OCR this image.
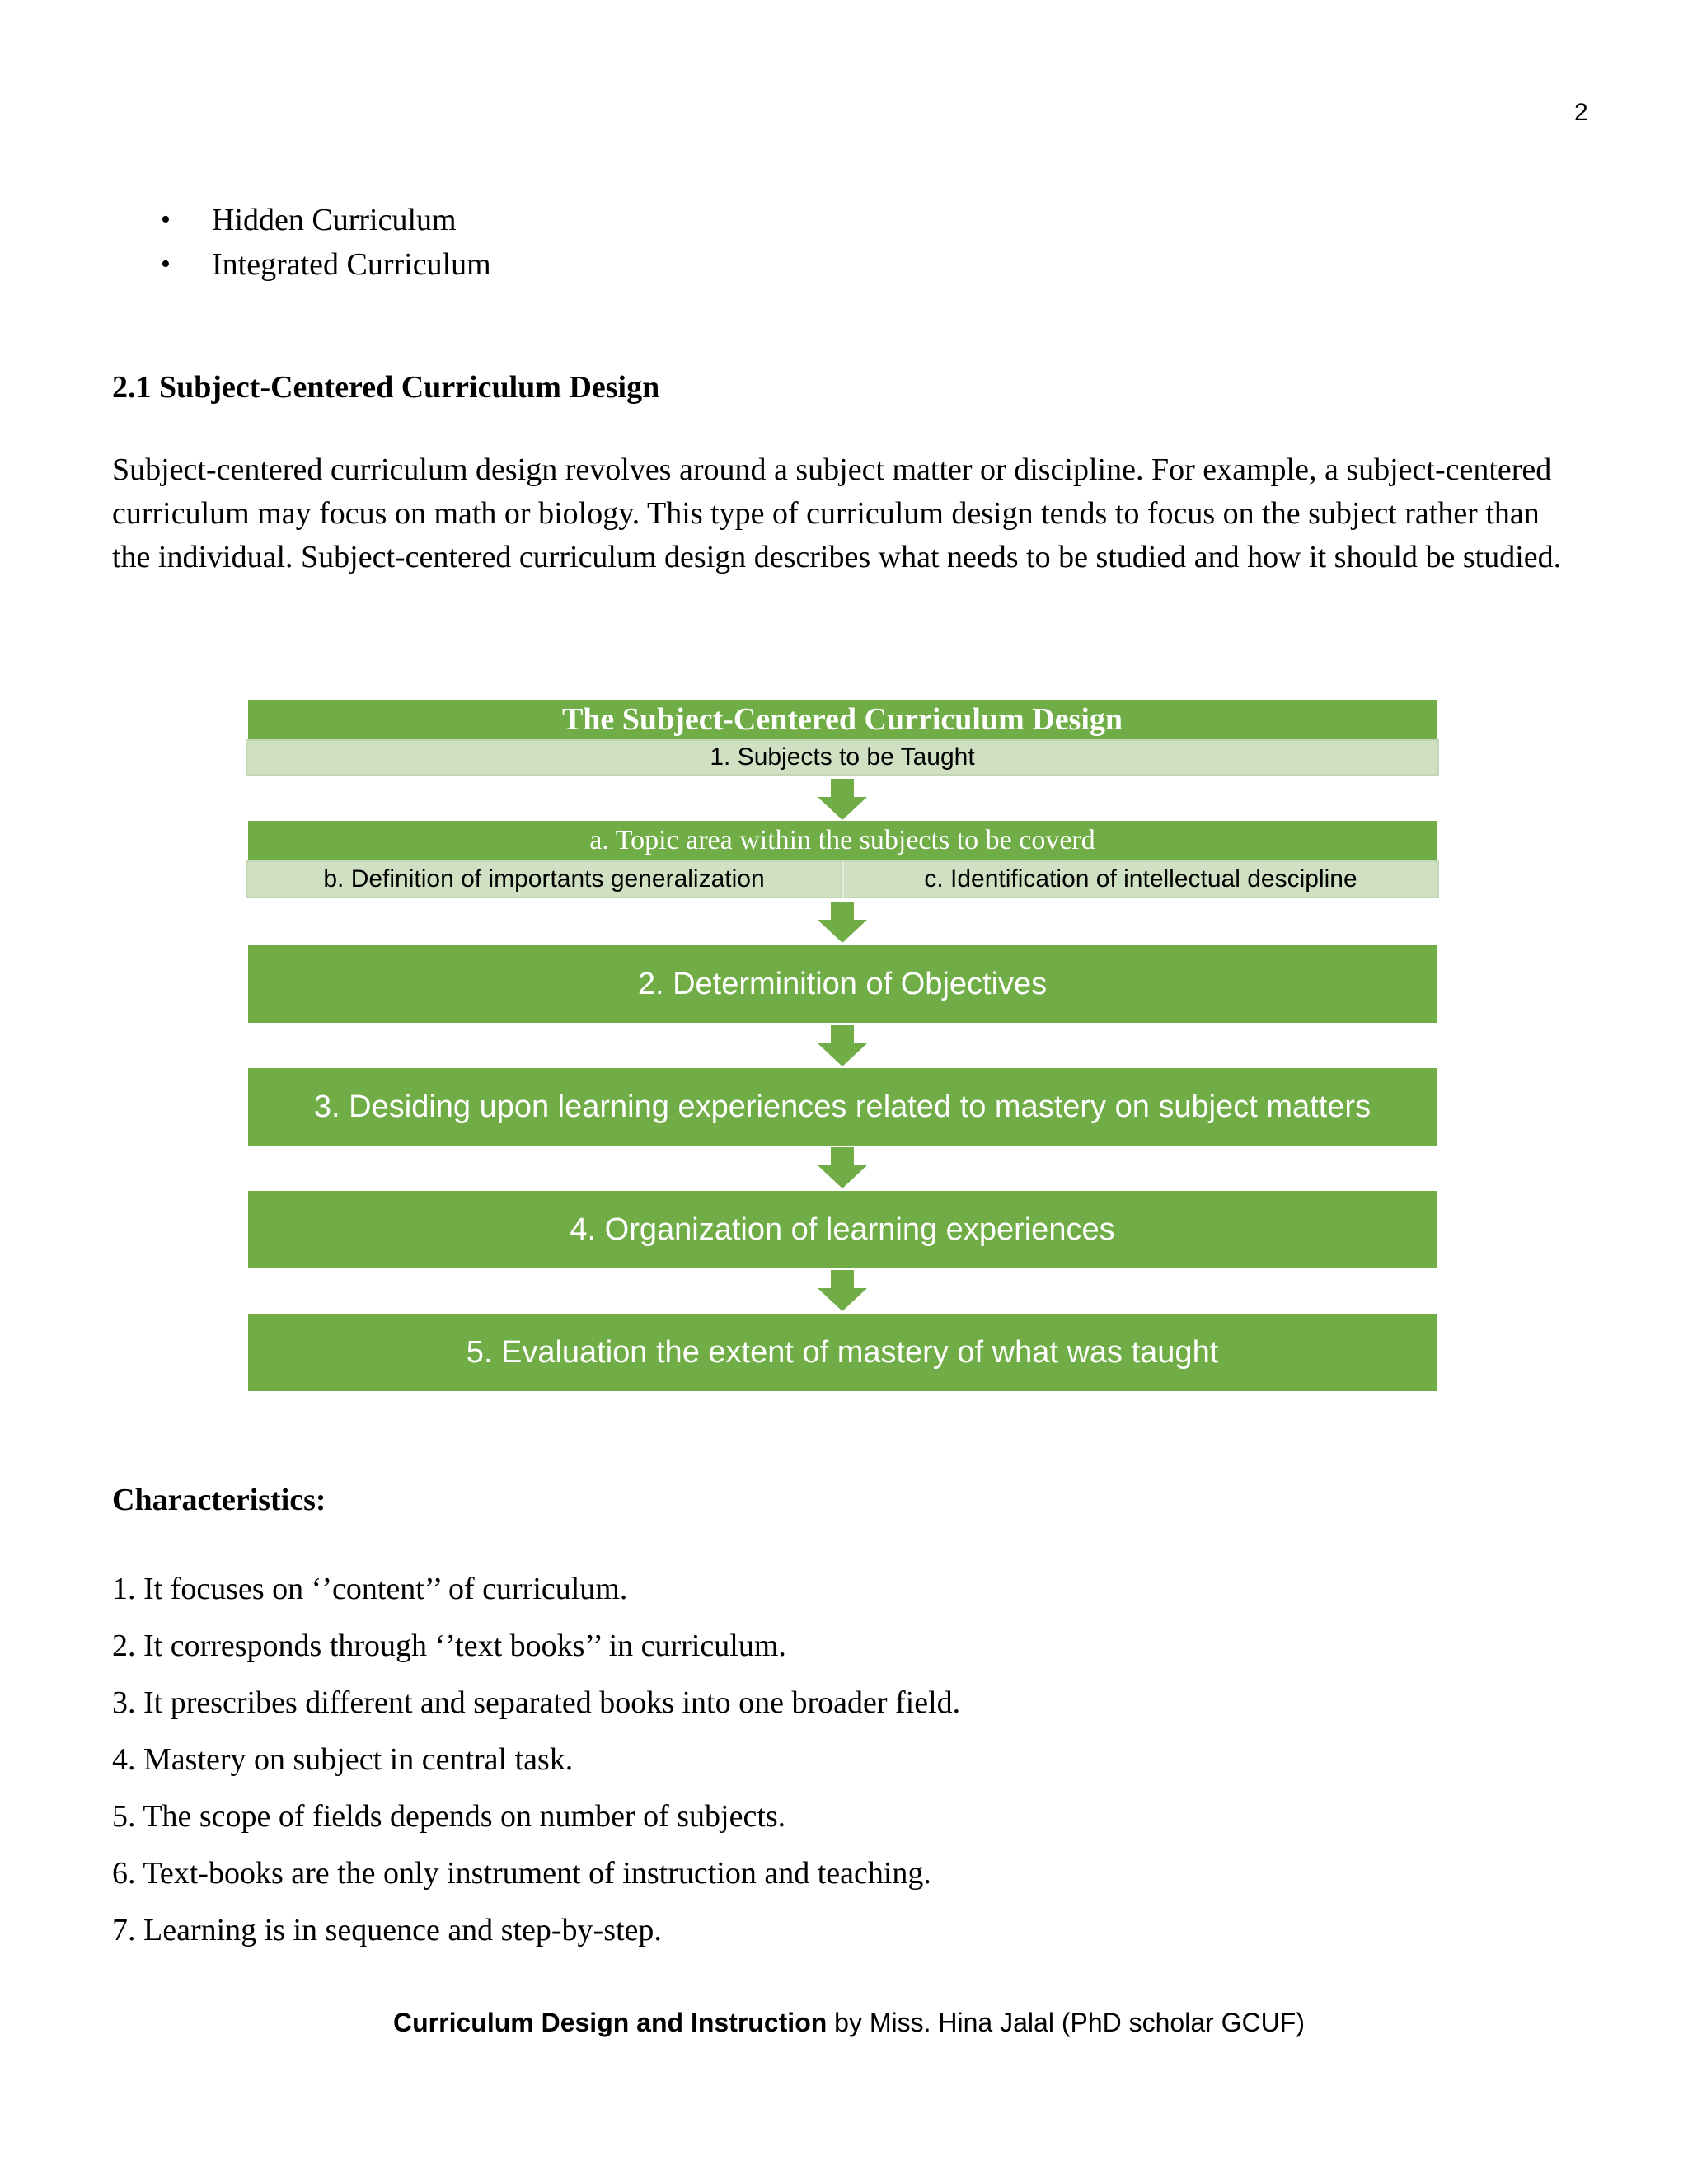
2
• Hidden Curriculum
• Integrated Curriculum
2.1 Subject-Centered Curriculum Design
Subject-centered curriculum design revolves around a subject matter or discipline. For example, a subject-centered curriculum may focus on math or biology. This type of curriculum design tends to focus on the subject rather than the individual. Subject-centered curriculum design describes what needs to be studied and how it should be studied.
The Subject-Centered Curriculum Design
1. Subjects to be Taught
a. Topic area within the subjects to be coverd
b. Definition of importants generalization	c. Identification of intellectual descipline
2. Determinition of Objectives
3. Desiding upon learning experiences related to mastery on subject matters
4. Organization of learning experiences
5. Evaluation the extent of mastery of what was taught
Characteristics:
1. It focuses on ‘’content’’ of curriculum.
2. It corresponds through ‘’text books’’ in curriculum.
3. It prescribes different and separated books into one broader field.
4. Mastery on subject in central task.
5. The scope of fields depends on number of subjects.
6. Text-books are the only instrument of instruction and teaching.
7. Learning is in sequence and step-by-step.
Curriculum Design and Instruction by Miss. Hina Jalal (PhD scholar GCUF)
